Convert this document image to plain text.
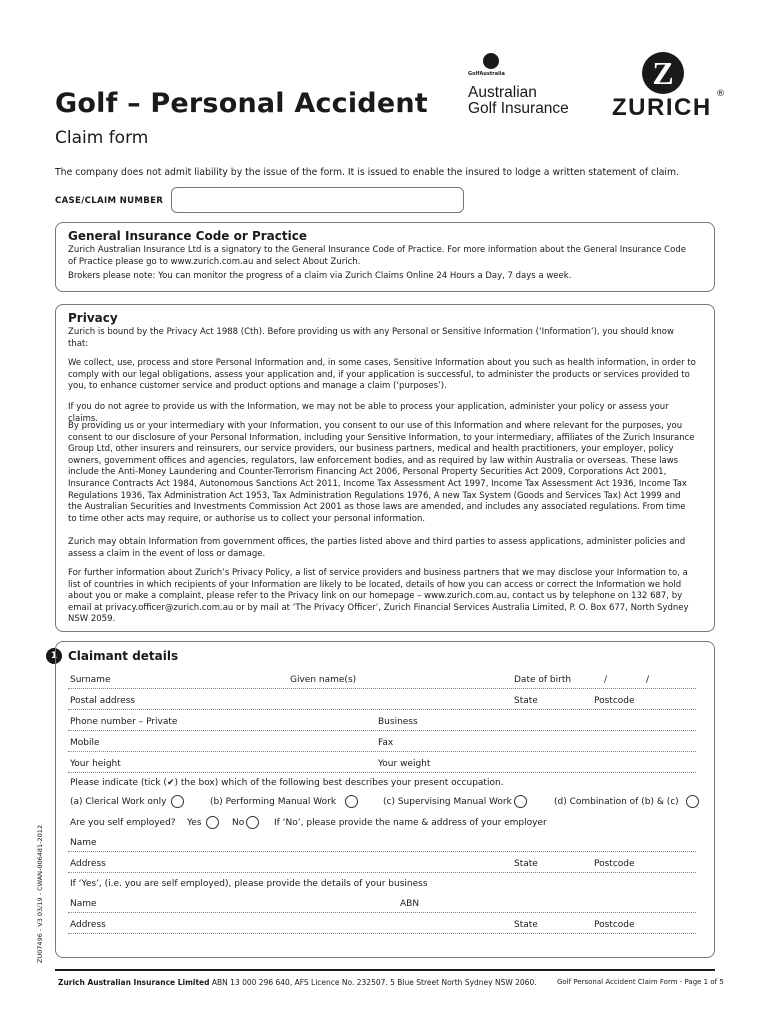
Golf – Personal Accident
Claim form
GolfAustralia
Australian
Golf Insurance
Z
ZURICH ®
The company does not admit liability by the issue of the form. It is issued to enable the insured to lodge a written statement of claim.
CASE/CLAIM NUMBER
General Insurance Code or Practice
Zurich Australian Insurance Ltd is a signatory to the General Insurance Code of Practice. For more information about the General Insurance Code of Practice please go to www.zurich.com.au and select About Zurich.
Brokers please note: You can monitor the progress of a claim via Zurich Claims Online 24 Hours a Day, 7 days a week.
Privacy
Zurich is bound by the Privacy Act 1988 (Cth). Before providing us with any Personal or Sensitive Information (‘Information’), you should know that:
We collect, use, process and store Personal Information and, in some cases, Sensitive Information about you such as health information, in order to comply with our legal obligations, assess your application and, if your application is successful, to administer the products or services provided to you, to enhance customer service and product options and manage a claim (‘purposes’).
If you do not agree to provide us with the Information, we may not be able to process your application, administer your policy or assess your claims.
By providing us or your intermediary with your Information, you consent to our use of this Information and where relevant for the purposes, you consent to our disclosure of your Personal Information, including your Sensitive Information, to your intermediary, affiliates of the Zurich Insurance Group Ltd, other insurers and reinsurers, our service providers, our business partners, medical and health practitioners, your employer, policy owners, government offices and agencies, regulators, law enforcement bodies, and as required by law within Australia or overseas. These laws include the Anti-Money Laundering and Counter-Terrorism Financing Act 2006, Personal Property Securities Act 2009, Corporations Act 2001, Insurance Contracts Act 1984, Autonomous Sanctions Act 2011, Income Tax Assessment Act 1997, Income Tax Assessment Act 1936, Income Tax Regulations 1936, Tax Administration Act 1953, Tax Administration Regulations 1976, A new Tax System (Goods and Services Tax) Act 1999 and the Australian Securities and Investments Commission Act 2001 as those laws are amended, and includes any associated regulations. From time to time other acts may require, or authorise us to collect your personal information.
Zurich may obtain Information from government offices, the parties listed above and third parties to assess applications, administer policies and assess a claim in the event of loss or damage.
For further information about Zurich’s Privacy Policy, a list of service providers and business partners that we may disclose your Information to, a list of countries in which recipients of your Information are likely to be located, details of how you can access or correct the Information we hold about you or make a complaint, please refer to the Privacy link on our homepage – www.zurich.com.au, contact us by telephone on 132 687, by email at privacy.officer@zurich.com.au or by mail at ‘The Privacy Officer’, Zurich Financial Services Australia Limited, P. O. Box 677, North Sydney NSW 2059.
1 Claimant details
Surname	Given name(s)	Date of birth	/	/
Postal address	State	Postcode
Phone number – Private	Business
Mobile	Fax
Your height	Your weight
Please indicate (tick (✔) the box) which of the following best describes your present occupation.
(a) Clerical Work only	(b) Performing Manual Work	(c) Supervising Manual Work	(d) Combination of (b) & (c)
Are you self employed? Yes	No	If ‘No’, please provide the name & address of your employer
Name
Address	State	Postcode
If ‘Yes’, (i.e. you are self employed), please provide the details of your business
Name	ABN
Address	State	Postcode
ZU07496 - V3 03/19 - CWAN-006481-2012
Zurich Australian Insurance Limited ABN 13 000 296 640, AFS Licence No. 232507. 5 Blue Street North Sydney NSW 2060.	Golf Personal Accident Claim Form - Page 1 of 5
